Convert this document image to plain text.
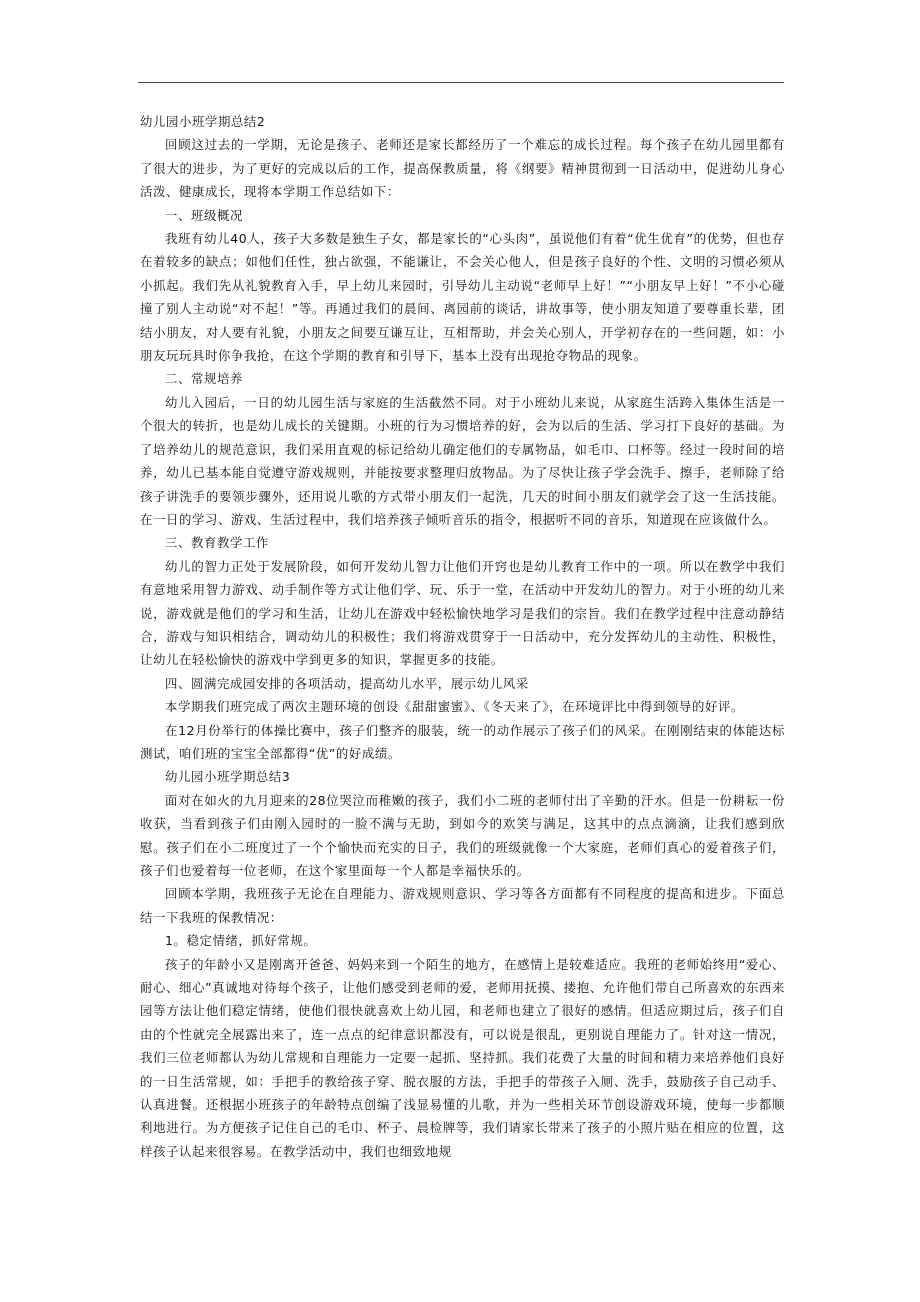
幼儿园小班学期总结2

回顾这过去的一学期，无论是孩子、老师还是家长都经历了一个难忘的成长过程。每个孩子在幼儿园里都有了很大的进步，为了更好的完成以后的工作，提高保教质量，将《纲要》精神贯彻到一日活动中，促进幼儿身心活泼、健康成长，现将本学期工作总结如下：

一、班级概况

我班有幼儿40人，孩子大多数是独生子女，都是家长的“心头肉”，虽说他们有着“优生优育”的优势，但也存在着较多的缺点；如他们任性，独占欲强，不能谦让，不会关心他人，但是孩子良好的个性、文明的习惯必须从小抓起。我们先从礼貌教育入手，早上幼儿来园时，引导幼儿主动说“老师早上好！”“小朋友早上好！”不小心碰撞了别人主动说“对不起！”等。再通过我们的晨间、离园前的谈话，讲故事等，使小朋友知道了要尊重长辈，团结小朋友，对人要有礼貌，小朋友之间要互谦互让，互相帮助，并会关心别人，开学初存在的一些问题，如：小朋友玩玩具时你争我抢，在这个学期的教育和引导下，基本上没有出现抢夺物品的现象。

二、常规培养

幼儿入园后，一日的幼儿园生活与家庭的生活截然不同。对于小班幼儿来说，从家庭生活跨入集体生活是一个很大的转折，也是幼儿成长的关键期。小班的行为习惯培养的好，会为以后的生活、学习打下良好的基础。为了培养幼儿的规范意识，我们采用直观的标记给幼儿确定他们的专属物品，如毛巾、口杯等。经过一段时间的培养，幼儿已基本能自觉遵守游戏规则，并能按要求整理归放物品。为了尽快让孩子学会洗手、擦手，老师除了给孩子讲洗手的要领步骤外，还用说儿歌的方式带小朋友们一起洗，几天的时间小朋友们就学会了这一生活技能。在一日的学习、游戏、生活过程中，我们培养孩子倾听音乐的指令，根据听不同的音乐，知道现在应该做什么。

三、教育教学工作

幼儿的智力正处于发展阶段，如何开发幼儿智力让他们开窍也是幼儿教育工作中的一项。所以在教学中我们有意地采用智力游戏、动手制作等方式让他们学、玩、乐于一堂，在活动中开发幼儿的智力。对于小班的幼儿来说，游戏就是他们的学习和生活，让幼儿在游戏中轻松愉快地学习是我们的宗旨。我们在教学过程中注意动静结合，游戏与知识相结合，调动幼儿的积极性；我们将游戏贯穿于一日活动中，充分发挥幼儿的主动性、积极性，让幼儿在轻松愉快的游戏中学到更多的知识，掌握更多的技能。

四、圆满完成园安排的各项活动，提高幼儿水平，展示幼儿风采

本学期我们班完成了两次主题环境的创设《甜甜蜜蜜》、《冬天来了》，在环境评比中得到领导的好评。

在12月份举行的体操比赛中，孩子们整齐的服装，统一的动作展示了孩子们的风采。在刚刚结束的体能达标测试，咱们班的宝宝全部都得“优”的好成绩。

幼儿园小班学期总结3

面对在如火的九月迎来的28位哭泣而稚嫩的孩子，我们小二班的老师付出了辛勤的汗水。但是一份耕耘一份收获，当看到孩子们由刚入园时的一脸不满与无助，到如今的欢笑与满足，这其中的点点滴滴，让我们感到欣慰。孩子们在小二班度过了一个个愉快而充实的日子，我们的班级就像一个大家庭，老师们真心的爱着孩子们，孩子们也爱着每一位老师，在这个家里面每一个人都是幸福快乐的。

回顾本学期，我班孩子无论在自理能力、游戏规则意识、学习等各方面都有不同程度的提高和进步。下面总结一下我班的保教情况：

1。稳定情绪，抓好常规。

孩子的年龄小又是刚离开爸爸、妈妈来到一个陌生的地方，在感情上是较难适应。我班的老师始终用“爱心、耐心、细心”真诚地对待每个孩子，让他们感受到老师的爱，老师用抚摸、搂抱、允许他们带自己所喜欢的东西来园等方法让他们稳定情绪，使他们很快就喜欢上幼儿园，和老师也建立了很好的感情。但适应期过后，孩子们自由的个性就完全展露出来了，连一点点的纪律意识都没有，可以说是很乱，更别说自理能力了。针对这一情况，我们三位老师都认为幼儿常规和自理能力一定要一起抓、坚持抓。我们花费了大量的时间和精力来培养他们良好的一日生活常规，如：手把手的教给孩子穿、脱衣服的方法，手把手的带孩子入厕、洗手，鼓励孩子自己动手、认真进餐。还根据小班孩子的年龄特点创编了浅显易懂的儿歌，并为一些相关环节创设游戏环境，使每一步都顺利地进行。为方便孩子记住自己的毛巾、杯子、晨检牌等，我们请家长带来了孩子的小照片贴在相应的位置，这样孩子认起来很容易。在教学活动中，我们也细致地规
